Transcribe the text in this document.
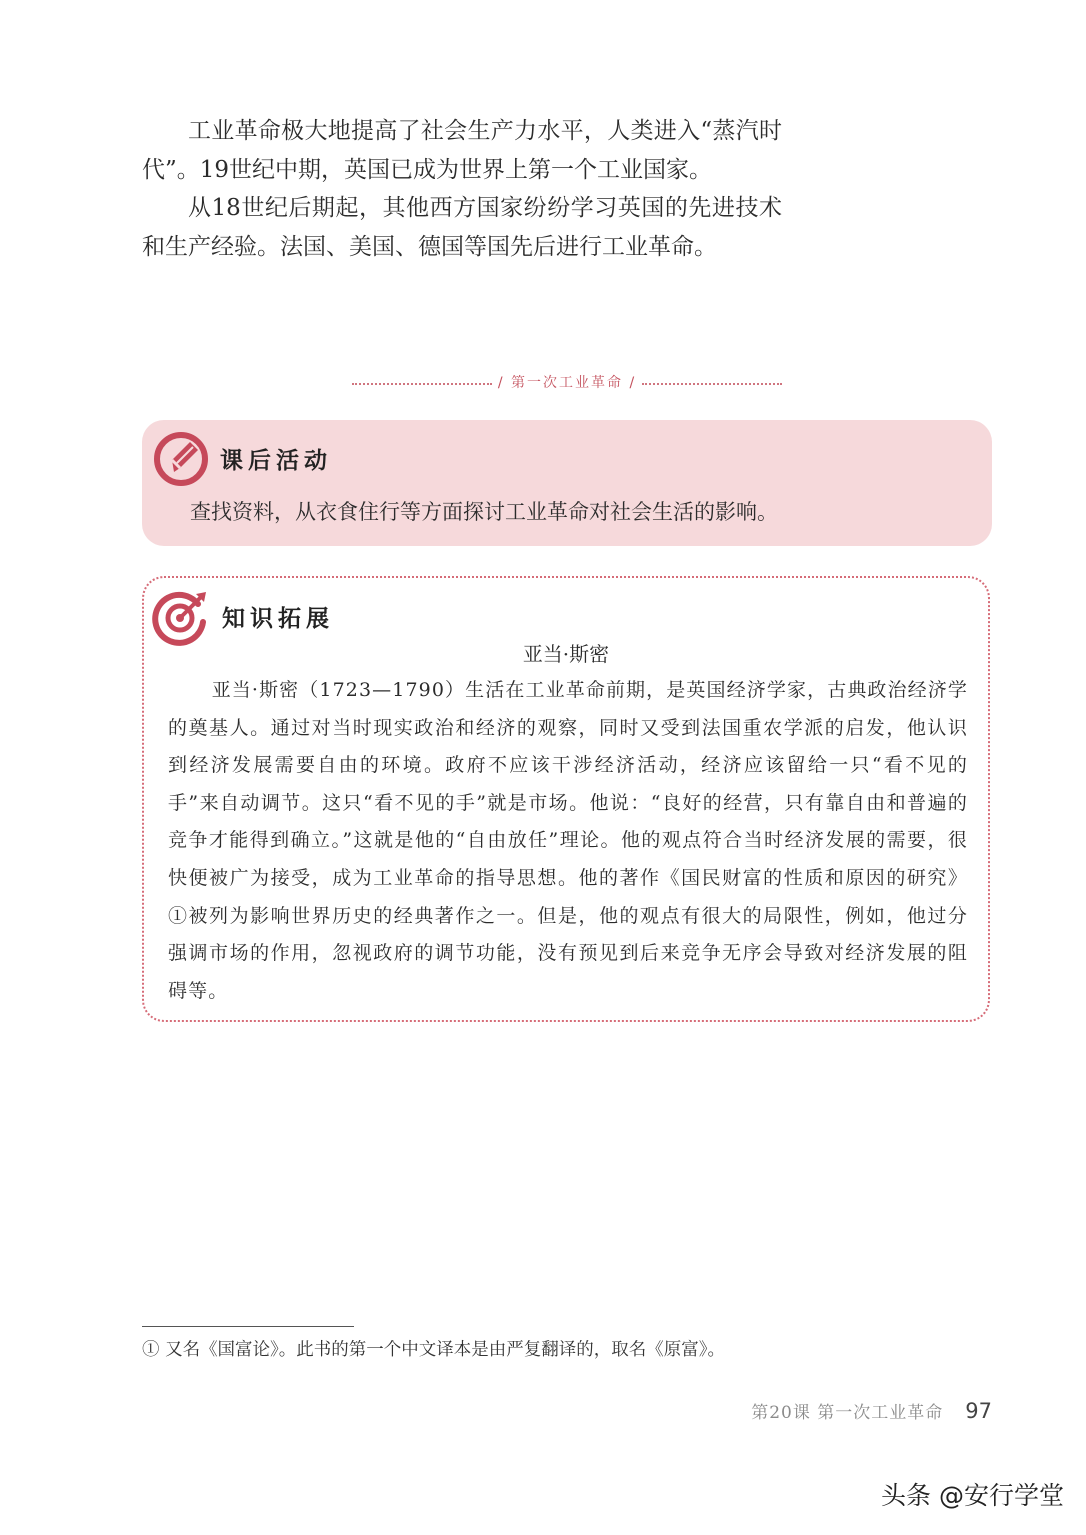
工业革命极大地提高了社会生产力水平，人类进入“蒸汽时代”。19世纪中期，英国已成为世界上第一个工业国家。

从18世纪后期起，其他西方国家纷纷学习英国的先进技术和生产经验。法国、美国、德国等国先后进行工业革命。

/ 第一次工业革命 /
课后活动
查找资料，从衣食住行等方面探讨工业革命对社会生活的影响。
知识拓展
亚当·斯密

亚当·斯密（1723—1790）生活在工业革命前期，是英国经济学家，古典政治经济学的奠基人。通过对当时现实政治和经济的观察，同时又受到法国重农学派的启发，他认识到经济发展需要自由的环境。政府不应该干涉经济活动，经济应该留给一只“看不见的手”来自动调节。这只“看不见的手”就是市场。他说：“良好的经营，只有靠自由和普遍的竞争才能得到确立。”这就是他的“自由放任”理论。他的观点符合当时经济发展的需要，很快便被广为接受，成为工业革命的指导思想。他的著作《国民财富的性质和原因的研究》①被列为影响世界历史的经典著作之一。但是，他的观点有很大的局限性，例如，他过分强调市场的作用，忽视政府的调节功能，没有预见到后来竞争无序会导致对经济发展的阻碍等。

① 又名《国富论》。此书的第一个中文译本是由严复翻译的，取名《原富》。
第20课 第一次工业革命 97
头条 @安行学堂
